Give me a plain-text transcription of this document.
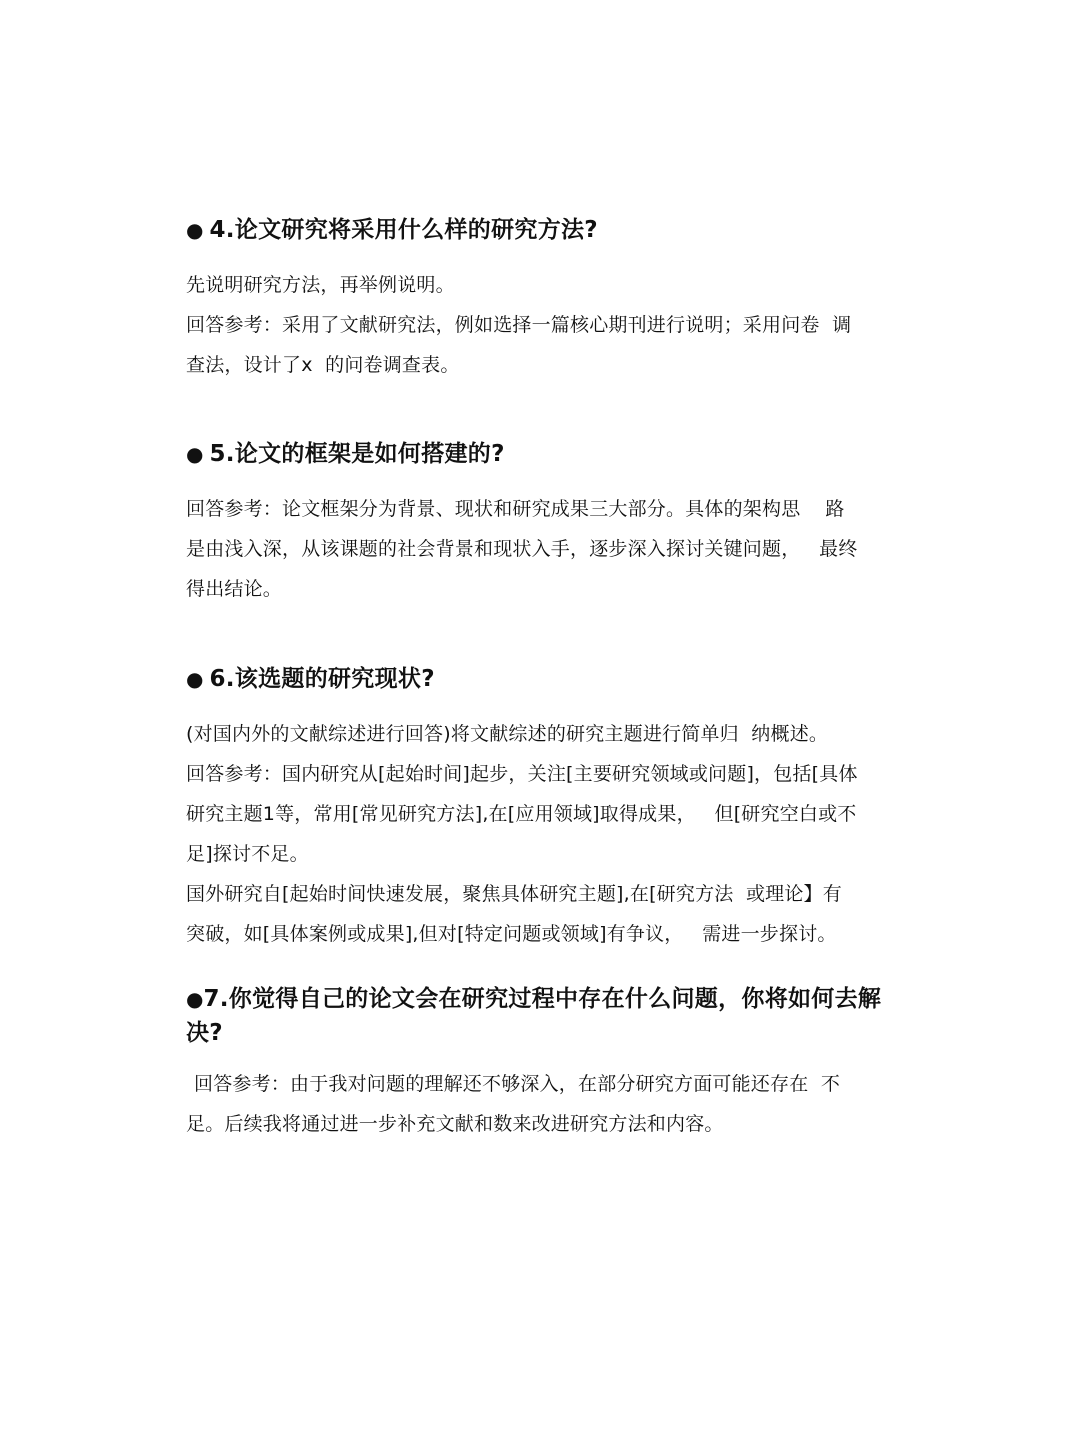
● 4.论文研究将采用什么样的研究方法?

先说明研究方法，再举例说明。

回答参考：采用了文献研究法，例如选择一篇核心期刊进行说明；采用问卷  调

查法，设计了x  的问卷调查表。

● 5.论文的框架是如何搭建的?

回答参考：论文框架分为背景、现状和研究成果三大部分。具体的架构思    路

是由浅入深，从该课题的社会背景和现状入手，逐步深入探讨关键问题，   最终

得出结论。

● 6.该选题的研究现状?

(对国内外的文献综述进行回答)将文献综述的研究主题进行简单归  纳概述。

回答参考：国内研究从[起始时间]起步，关注[主要研究领域或问题]，包括[具体

研究主题1等，常用[常见研究方法],在[应用领域]取得成果，   但[研究空白或不

足]探讨不足。

国外研究自[起始时间快速发展，聚焦具体研究主题],在[研究方法  或理论】有

突破，如[具体案例或成果],但对[特定问题或领域]有争议，   需进一步探讨。

●7.你觉得自己的论文会在研究过程中存在什么问题，你将如何去解
决?

回答参考：由于我对问题的理解还不够深入，在部分研究方面可能还存在  不

足。后续我将通过进一步补充文献和数来改进研究方法和内容。
